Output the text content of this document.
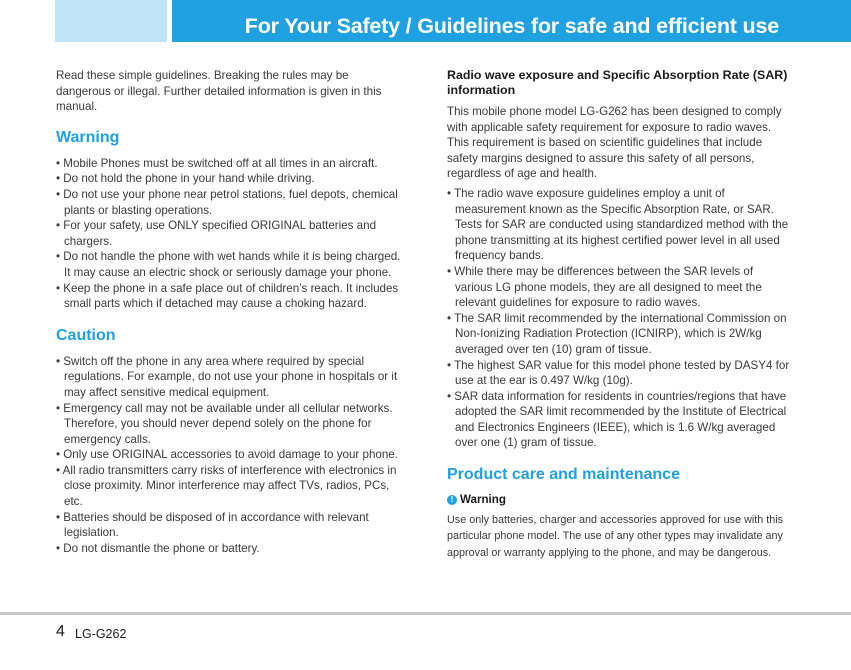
For Your Safety / Guidelines for safe and efficient use

Read these simple guidelines. Breaking the rules may be dangerous or illegal. Further detailed information is given in this manual.

Warning
• Mobile Phones must be switched off at all times in an aircraft.
• Do not hold the phone in your hand while driving.
• Do not use your phone near petrol stations, fuel depots, chemical plants or blasting operations.
• For your safety, use ONLY specified ORIGINAL batteries and chargers.
• Do not handle the phone with wet hands while it is being charged. It may cause an electric shock or seriously damage your phone.
• Keep the phone in a safe place out of children’s reach. It includes small parts which if detached may cause a choking hazard.
Caution
• Switch off the phone in any area where required by special regulations. For example, do not use your phone in hospitals or it may affect sensitive medical equipment.
• Emergency call may not be available under all cellular networks. Therefore, you should never depend solely on the phone for emergency calls.
• Only use ORIGINAL accessories to avoid damage to your phone.
• All radio transmitters carry risks of interference with electronics in close proximity. Minor interference may affect TVs, radios, PCs, etc.
• Batteries should be disposed of in accordance with relevant legislation.
• Do not dismantle the phone or battery.
Radio wave exposure and Specific Absorption Rate (SAR) information

This mobile phone model LG-G262 has been designed to comply with applicable safety requirement for exposure to radio waves. This requirement is based on scientific guidelines that include safety margins designed to assure this safety of all persons, regardless of age and health.

• The radio wave exposure guidelines employ a unit of measurement known as the Specific Absorption Rate, or SAR. Tests for SAR are conducted using standardized method with the phone transmitting at its highest certified power level in all used frequency bands.
• While there may be differences between the SAR levels of various LG phone models, they are all designed to meet the relevant guidelines for exposure to radio waves.
• The SAR limit recommended by the international Commission on Non-Ionizing Radiation Protection (ICNIRP), which is 2W/kg averaged over ten (10) gram of tissue.
• The highest SAR value for this model phone tested by DASY4 for use at the ear is 0.497 W/kg (10g).
• SAR data information for residents in countries/regions that have adopted the SAR limit recommended by the Institute of Electrical and Electronics Engineers (IEEE), which is 1.6 W/kg averaged over one (1) gram of tissue.
Product care and maintenance
! Warning

Use only batteries, charger and accessories approved for use with this particular phone model. The use of any other types may invalidate any approval or warranty applying to the phone, and may be dangerous.

4 LG-G262
